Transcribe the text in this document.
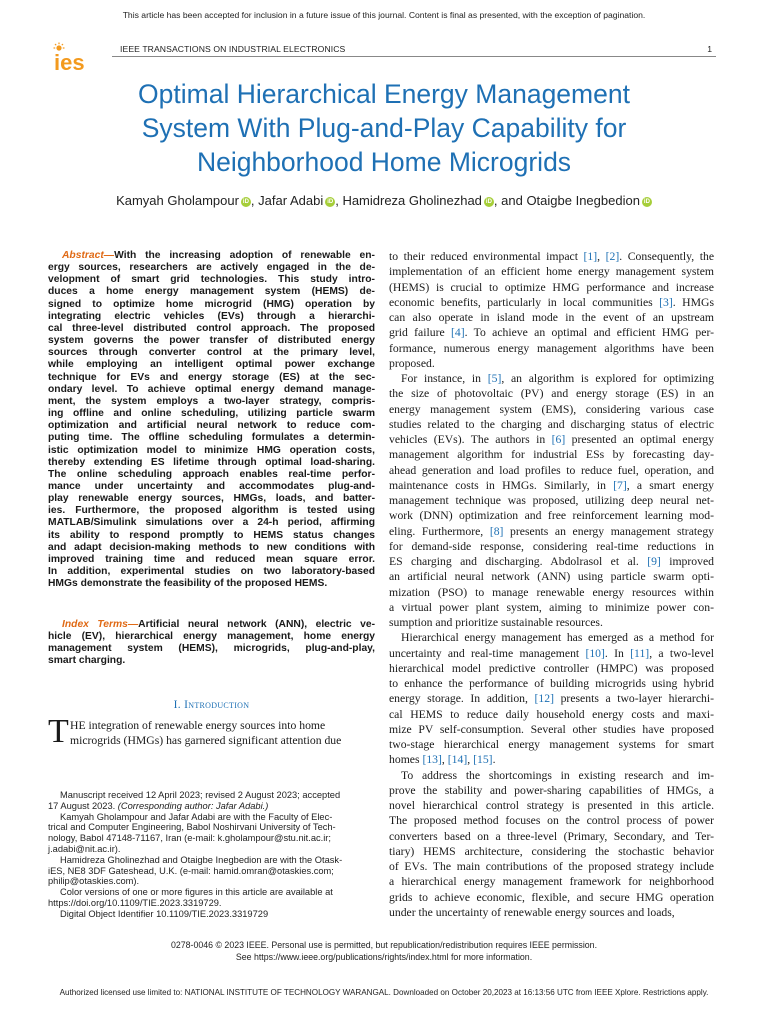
This article has been accepted for inclusion in a future issue of this journal. Content is final as presented, with the exception of pagination.
ies
IEEE TRANSACTIONS ON INDUSTRIAL ELECTRONICS	1
Optimal Hierarchical Energy Management
System With Plug-and-Play Capability for
Neighborhood Home Microgrids
Kamyah Gholampour iD , Jafar Adabi iD , Hamidreza Gholinezhad iD , and Otaigbe Inegbedion iD
Abstract—With the increasing adoption of renewable en-
ergy sources, researchers are actively engaged in the de-
velopment of smart grid technologies. This study intro-
duces a home energy management system (HEMS) de-
signed to optimize home microgrid (HMG) operation by
integrating electric vehicles (EVs) through a hierarchi-
cal three-level distributed control approach. The proposed
system governs the power transfer of distributed energy
sources through converter control at the primary level,
while employing an intelligent optimal power exchange
technique for EVs and energy storage (ES) at the sec-
ondary level. To achieve optimal energy demand manage-
ment, the system employs a two-layer strategy, compris-
ing offline and online scheduling, utilizing particle swarm
optimization and artificial neural network to reduce com-
puting time. The offline scheduling formulates a determin-
istic optimization model to minimize HMG operation costs,
thereby extending ES lifetime through optimal load-sharing.
The online scheduling approach enables real-time perfor-
mance under uncertainty and accommodates plug-and-
play renewable energy sources, HMGs, loads, and batter-
ies. Furthermore, the proposed algorithm is tested using
MATLAB/Simulink simulations over a 24-h period, affirming
its ability to respond promptly to HEMS status changes
and adapt decision-making methods to new conditions with
improved training time and reduced mean square error.
In addition, experimental studies on two laboratory-based
HMGs demonstrate the feasibility of the proposed HEMS.
Index Terms—Artificial neural network (ANN), electric ve-
hicle (EV), hierarchical energy management, home energy
management system (HEMS), microgrids, plug-and-play,
smart charging.
I. Introduction
T HE integration of renewable energy sources into home
microgrids (HMGs) has garnered significant attention due
Manuscript received 12 April 2023; revised 2 August 2023; accepted
17 August 2023. (Corresponding author: Jafar Adabi.)
Kamyah Gholampour and Jafar Adabi are with the Faculty of Elec-
trical and Computer Engineering, Babol Noshirvani University of Tech-
nology, Babol 47148-71167, Iran (e-mail: k.gholampour@stu.nit.ac.ir;
j.adabi@nit.ac.ir).
Hamidreza Gholinezhad and Otaigbe Inegbedion are with the Otask-
iES, NE8 3DF Gateshead, U.K. (e-mail: hamid.omran@otaskies.com;
philip@otaskies.com).
Color versions of one or more figures in this article are available at
https://doi.org/10.1109/TIE.2023.3319729.
Digital Object Identifier 10.1109/TIE.2023.3319729
to their reduced environmental impact [1], [2]. Consequently, the
implementation of an efficient home energy management system
(HEMS) is crucial to optimize HMG performance and increase
economic benefits, particularly in local communities [3]. HMGs
can also operate in island mode in the event of an upstream
grid failure [4]. To achieve an optimal and efficient HMG per-
formance, numerous energy management algorithms have been
proposed.
For instance, in [5], an algorithm is explored for optimizing
the size of photovoltaic (PV) and energy storage (ES) in an
energy management system (EMS), considering various case
studies related to the charging and discharging status of electric
vehicles (EVs). The authors in [6] presented an optimal energy
management algorithm for industrial ESs by forecasting day-
ahead generation and load profiles to reduce fuel, operation, and
maintenance costs in HMGs. Similarly, in [7], a smart energy
management technique was proposed, utilizing deep neural net-
work (DNN) optimization and free reinforcement learning mod-
eling. Furthermore, [8] presents an energy management strategy
for demand-side response, considering real-time reductions in
ES charging and discharging. Abdolrasol et al. [9] improved
an artificial neural network (ANN) using particle swarm opti-
mization (PSO) to manage renewable energy resources within
a virtual power plant system, aiming to minimize power con-
sumption and prioritize sustainable resources.
Hierarchical energy management has emerged as a method for
uncertainty and real-time management [10]. In [11], a two-level
hierarchical model predictive controller (HMPC) was proposed
to enhance the performance of building microgrids using hybrid
energy storage. In addition, [12] presents a two-layer hierarchi-
cal HEMS to reduce daily household energy costs and maxi-
mize PV self-consumption. Several other studies have proposed
two-stage hierarchical energy management systems for smart
homes [13], [14], [15].
To address the shortcomings in existing research and im-
prove the stability and power-sharing capabilities of HMGs, a
novel hierarchical control strategy is presented in this article.
The proposed method focuses on the control process of power
converters based on a three-level (Primary, Secondary, and Ter-
tiary) HEMS architecture, considering the stochastic behavior
of EVs. The main contributions of the proposed strategy include
a hierarchical energy management framework for neighborhood
grids to achieve economic, flexible, and secure HMG operation
under the uncertainty of renewable energy sources and loads,
0278-0046 © 2023 IEEE. Personal use is permitted, but republication/redistribution requires IEEE permission.
See https://www.ieee.org/publications/rights/index.html for more information.
Authorized licensed use limited to: NATIONAL INSTITUTE OF TECHNOLOGY WARANGAL. Downloaded on October 20,2023 at 16:13:56 UTC from IEEE Xplore. Restrictions apply.
